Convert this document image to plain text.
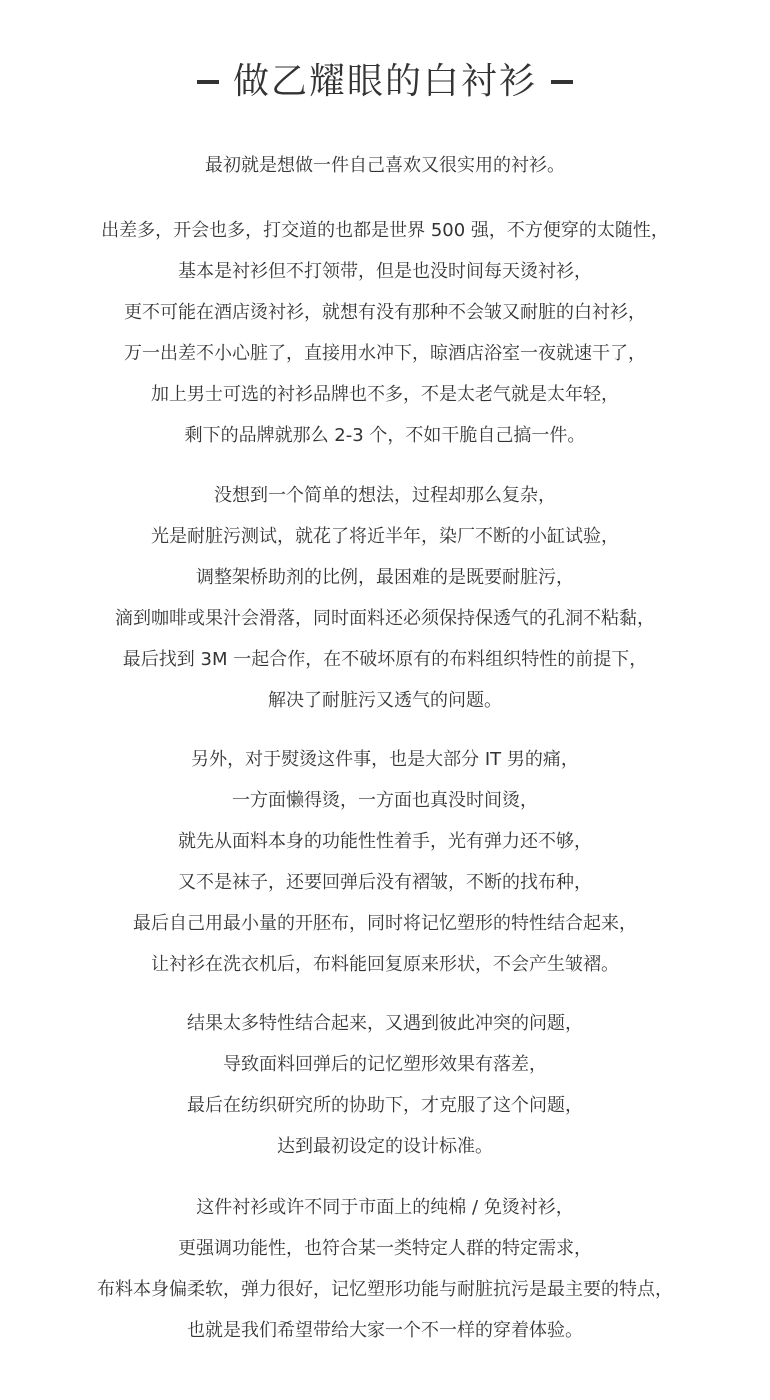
做乙耀眼的白衬衫
最初就是想做一件自己喜欢又很实用的衬衫。
出差多，开会也多，打交道的也都是世界 500 强，不方便穿的太随性，
基本是衬衫但不打领带，但是也没时间每天烫衬衫，
更不可能在酒店烫衬衫，就想有没有那种不会皱又耐脏的白衬衫，
万一出差不小心脏了，直接用水冲下，晾酒店浴室一夜就速干了，
加上男士可选的衬衫品牌也不多，不是太老气就是太年轻，
剩下的品牌就那么 2-3 个，不如干脆自己搞一件。
没想到一个简单的想法，过程却那么复杂，
光是耐脏污测试，就花了将近半年，染厂不断的小缸试验，
调整架桥助剂的比例，最困难的是既要耐脏污，
滴到咖啡或果汁会滑落，同时面料还必须保持保透气的孔洞不粘黏，
最后找到 3M 一起合作，在不破坏原有的布料组织特性的前提下，
解决了耐脏污又透气的问题。
另外，对于熨烫这件事，也是大部分 IT 男的痛，
一方面懒得烫，一方面也真没时间烫，
就先从面料本身的功能性性着手，光有弹力还不够，
又不是袜子，还要回弹后没有褶皱，不断的找布种，
最后自己用最小量的开胚布，同时将记忆塑形的特性结合起来，
让衬衫在洗衣机后，布料能回复原来形状，不会产生皱褶。
结果太多特性结合起来，又遇到彼此冲突的问题，
导致面料回弹后的记忆塑形效果有落差，
最后在纺织研究所的协助下，才克服了这个问题，
达到最初设定的设计标准。
这件衬衫或许不同于市面上的纯棉 / 免烫衬衫，
更强调功能性，也符合某一类特定人群的特定需求，
布料本身偏柔软，弹力很好，记忆塑形功能与耐脏抗污是最主要的特点，
也就是我们希望带给大家一个不一样的穿着体验。
